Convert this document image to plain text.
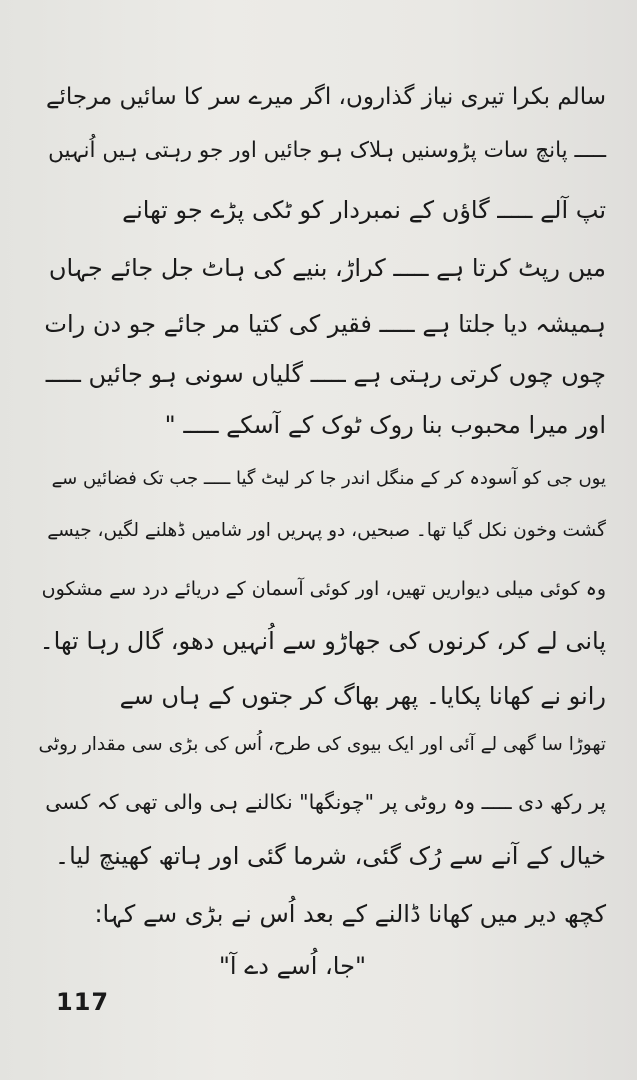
سالم بکرا تیری نیاز گذاروں، اگر میرے سر کا سائیں مرجائے
ـــــ پانچ سات پڑوسنیں ہلاک ہو جائیں اور جو رہتی ہیں اُنہیں
تپ آلے ـــــ گاؤں کے نمبردار کو ٹکی پڑے جو تھانے
میں رپٹ کرتا ہے ـــــ کراڑ، بنیے کی ہاٹ جل جائے جہاں
ہمیشہ دیا جلتا ہے ـــــ فقیر کی کتیا مر جائے جو دن رات
چوں چوں کرتی رہتی ہے ـــــ گلیاں سونی ہو جائیں ـــــ
اور میرا محبوب بنا روک ٹوک کے آسکے ـــــ "
یوں جی کو آسودہ کر کے منگل اندر جا کر لیٹ گیا ـــــ جب تک فضائیں سے
گشت وخون نکل گیا تھا۔ صبحیں، دو پہریں اور شامیں ڈھلنے لگیں، جیسے
وہ کوئی میلی دیواریں تھیں، اور کوئی آسمان کے دریائے درد سے مشکوں
پانی لے کر، کرنوں کی جھاڑو سے اُنہیں دھو، گال رہا تھا۔
رانو نے کھانا پکایا۔ پھر بھاگ کر جتوں کے ہاں سے
تھوڑا سا گھی لے آئی اور ایک بیوی کی طرح، اُس کی بڑی سی مقدار روٹی
پر رکھ دی ـــــ وہ روٹی پر "چونگھا" نکالنے ہی والی تھی کہ کسی
خیال کے آنے سے رُک گئی، شرما گئی اور ہاتھ کھینچ لیا۔
کچھ دیر میں کھانا ڈالنے کے بعد اُس نے بڑی سے کہا:
"جا، اُسے دے آ"
117
